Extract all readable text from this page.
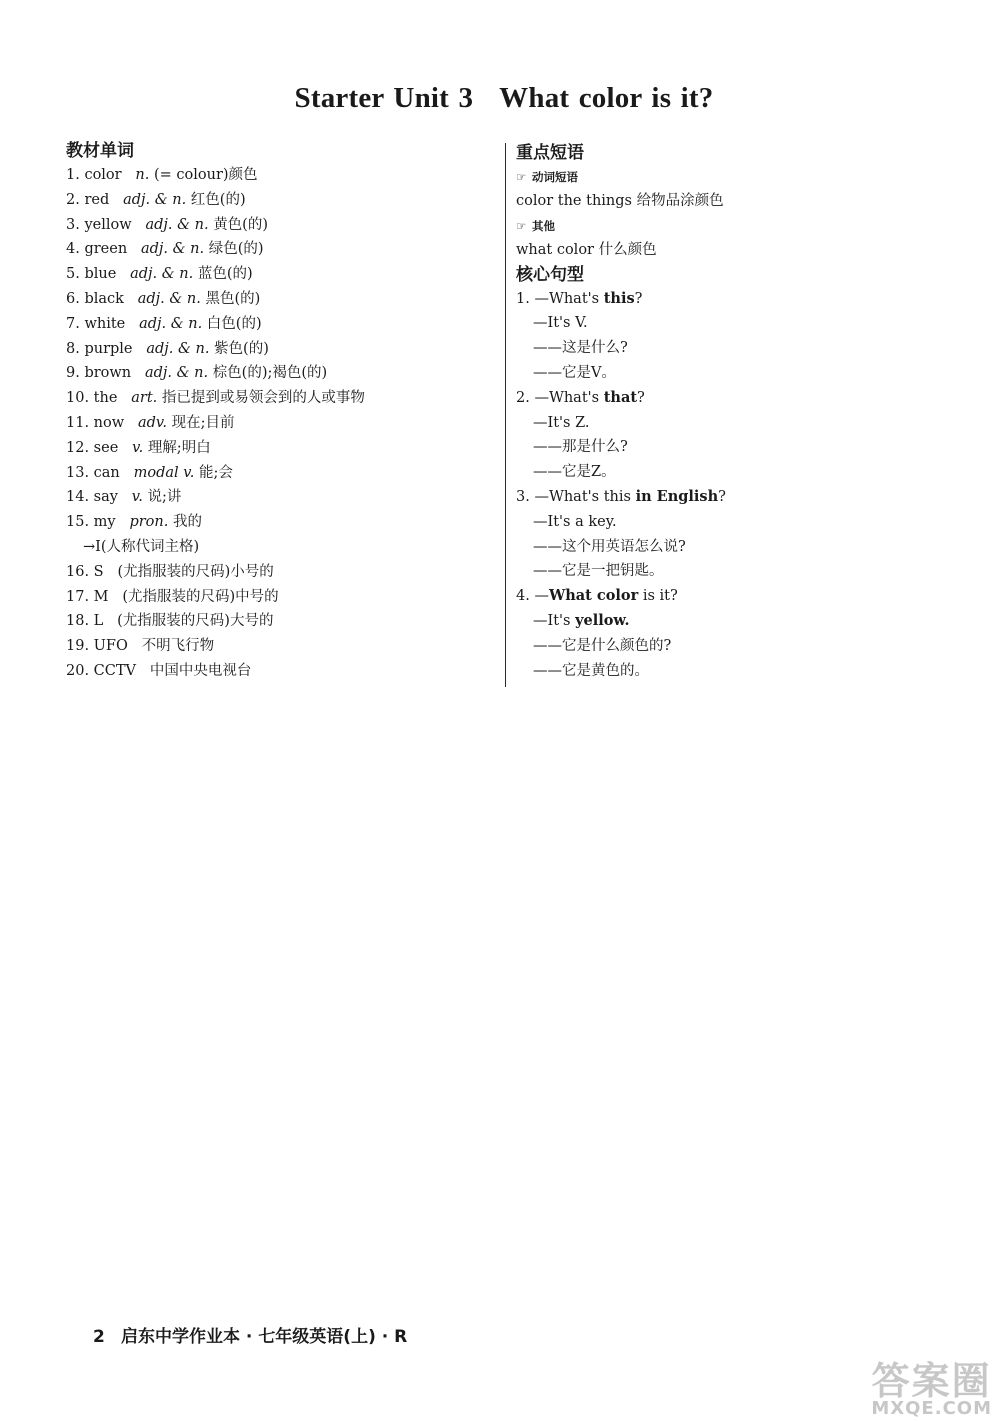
Starter Unit 3 What color is it?
教材单词
1. color n. (= colour)颜色
2. red adj. & n. 红色(的)
3. yellow adj. & n. 黄色(的)
4. green adj. & n. 绿色(的)
5. blue adj. & n. 蓝色(的)
6. black adj. & n. 黑色(的)
7. white adj. & n. 白色(的)
8. purple adj. & n. 紫色(的)
9. brown adj. & n. 棕色(的);褐色(的)
10. the art. 指已提到或易领会到的人或事物
11. now adv. 现在;目前
12. see v. 理解;明白
13. can modal v. 能;会
14. say v. 说;讲
15. my pron. 我的
→I(人称代词主格)
16. S (尤指服装的尺码)小号的
17. M (尤指服装的尺码)中号的
18. L (尤指服装的尺码)大号的
19. UFO 不明飞行物
20. CCTV 中国中央电视台
重点短语
☞ 动词短语
color the things 给物品涂颜色
☞ 其他
what color 什么颜色
核心句型
1. —What's this?
—It's V.
——这是什么?
——它是V。
2. —What's that?
—It's Z.
——那是什么?
——它是Z。
3. —What's this in English?
—It's a key.
——这个用英语怎么说?
——它是一把钥匙。
4. —What color is it?
—It's yellow.
——它是什么颜色的?
——它是黄色的。
2 启东中学作业本 · 七年级英语(上) · R
答案圈
MXQE.COM
